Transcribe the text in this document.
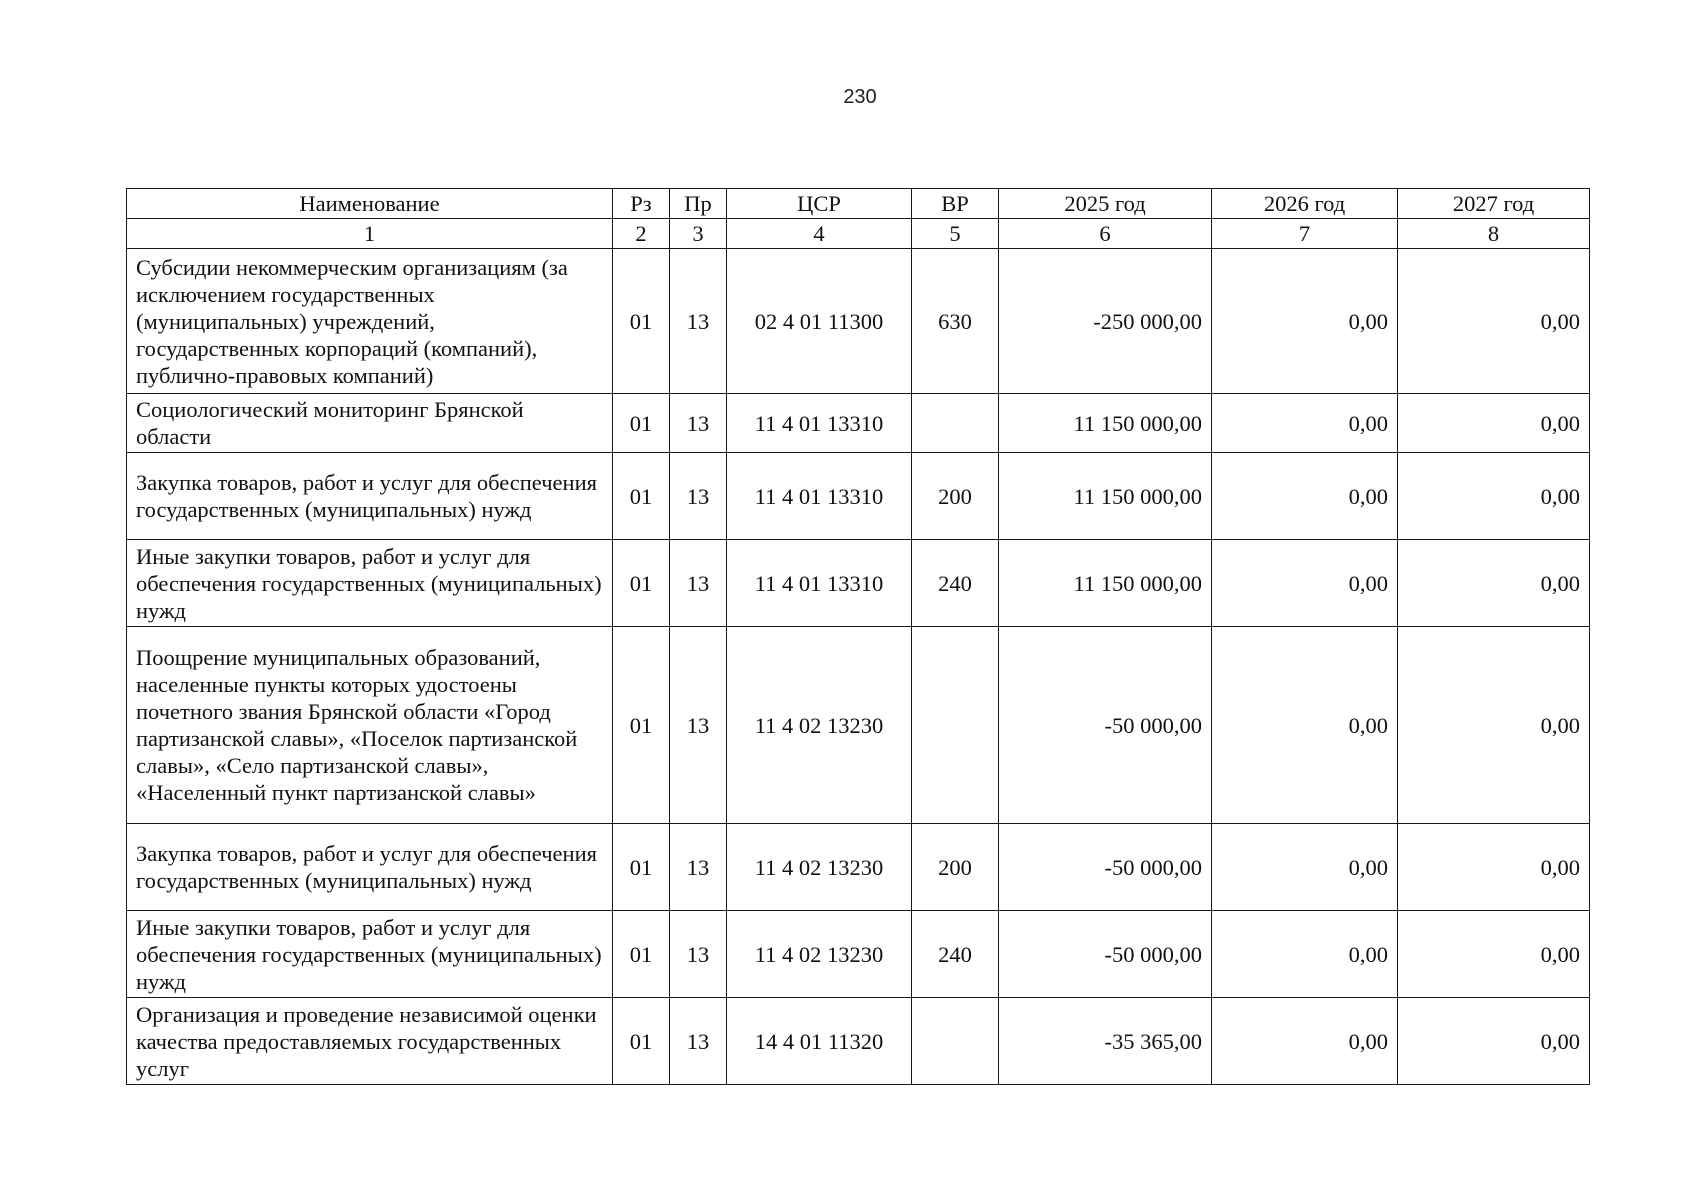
230
Наименование	Рз	Пр	ЦСР	ВР	2025 год	2026 год	2027 год
1	2	3	4	5	6	7	8
Субсидии некоммерческим организациям (за исключением государственных (муниципальных) учреждений, государственных корпораций (компаний), публично-правовых компаний)	01	13	02 4 01 11300	630	-250 000,00	0,00	0,00
Социологический мониторинг Брянской области	01	13	11 4 01 13310		11 150 000,00	0,00	0,00
Закупка товаров, работ и услуг для обеспечения государственных (муниципальных) нужд	01	13	11 4 01 13310	200	11 150 000,00	0,00	0,00
Иные закупки товаров, работ и услуг для обеспечения государственных (муниципальных) нужд	01	13	11 4 01 13310	240	11 150 000,00	0,00	0,00
Поощрение муниципальных образований, населенные пункты которых удостоены почетного звания Брянской области «Город партизанской славы», «Поселок партизанской славы», «Село партизанской славы», «Населенный пункт партизанской славы»	01	13	11 4 02 13230		-50 000,00	0,00	0,00
Закупка товаров, работ и услуг для обеспечения государственных (муниципальных) нужд	01	13	11 4 02 13230	200	-50 000,00	0,00	0,00
Иные закупки товаров, работ и услуг для обеспечения государственных (муниципальных) нужд	01	13	11 4 02 13230	240	-50 000,00	0,00	0,00
Организация и проведение независимой оценки качества предоставляемых государственных услуг	01	13	14 4 01 11320		-35 365,00	0,00	0,00
